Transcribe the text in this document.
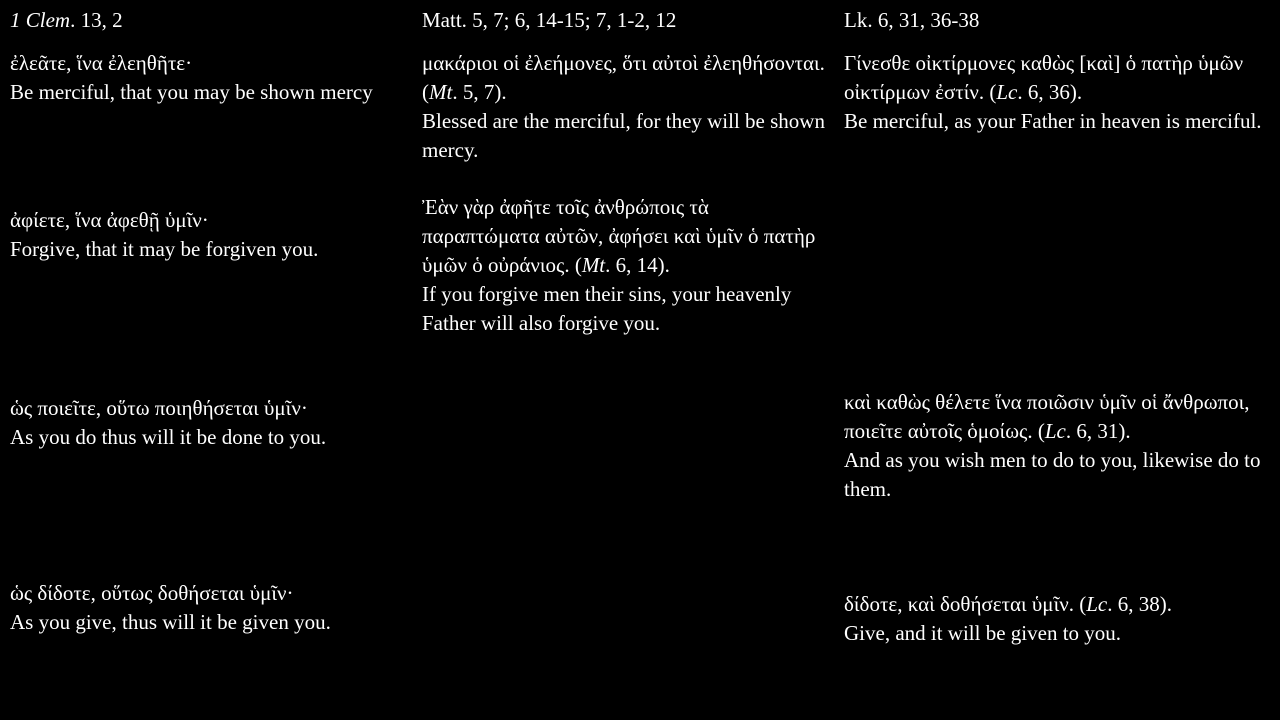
1 Clem. 13, 2	Matt. 5, 7; 6, 14-15; 7, 1-2, 12	Lk. 6, 31, 36-38

ἐλεᾶτε, ἵνα ἐλεηθῆτε·

Be merciful, that you may be shown mercy

μακάριοι οἱ ἐλεήμονες, ὅτι αὐτοὶ ἐλεηθήσονται. (Mt. 5, 7).

Blessed are the merciful, for they will be shown mercy.

Γίνεσθε οἰκτίρμονες καθὼς [καὶ] ὁ πατὴρ ὑμῶν οἰκτίρμων ἐστίν. (Lc. 6, 36).

Be merciful, as your Father in heaven is merciful.

ἀφίετε, ἵνα ἀφεθῇ ὑμῖν·

Forgive, that it may be forgiven you.

Ἐὰν γὰρ ἀφῆτε τοῖς ἀνθρώποις τὰ παραπτώματα αὐτῶν, ἀφήσει καὶ ὑμῖν ὁ πατὴρ ὑμῶν ὁ οὐράνιος. (Mt. 6, 14).

If you forgive men their sins, your heavenly Father will also forgive you.

ὡς ποιεῖτε, οὕτω ποιηθήσεται ὑμῖν·

As you do thus will it be done to you.

καὶ καθὼς θέλετε ἵνα ποιῶσιν ὑμῖν οἱ ἄνθρωποι, ποιεῖτε αὐτοῖς ὁμοίως. (Lc. 6, 31).

And as you wish men to do to you, likewise do to them.

ὡς δίδοτε, οὕτως δοθήσεται ὑμῖν·

As you give, thus will it be given you.

δίδοτε, καὶ δοθήσεται ὑμῖν. (Lc. 6, 38).

Give, and it will be given to you.
